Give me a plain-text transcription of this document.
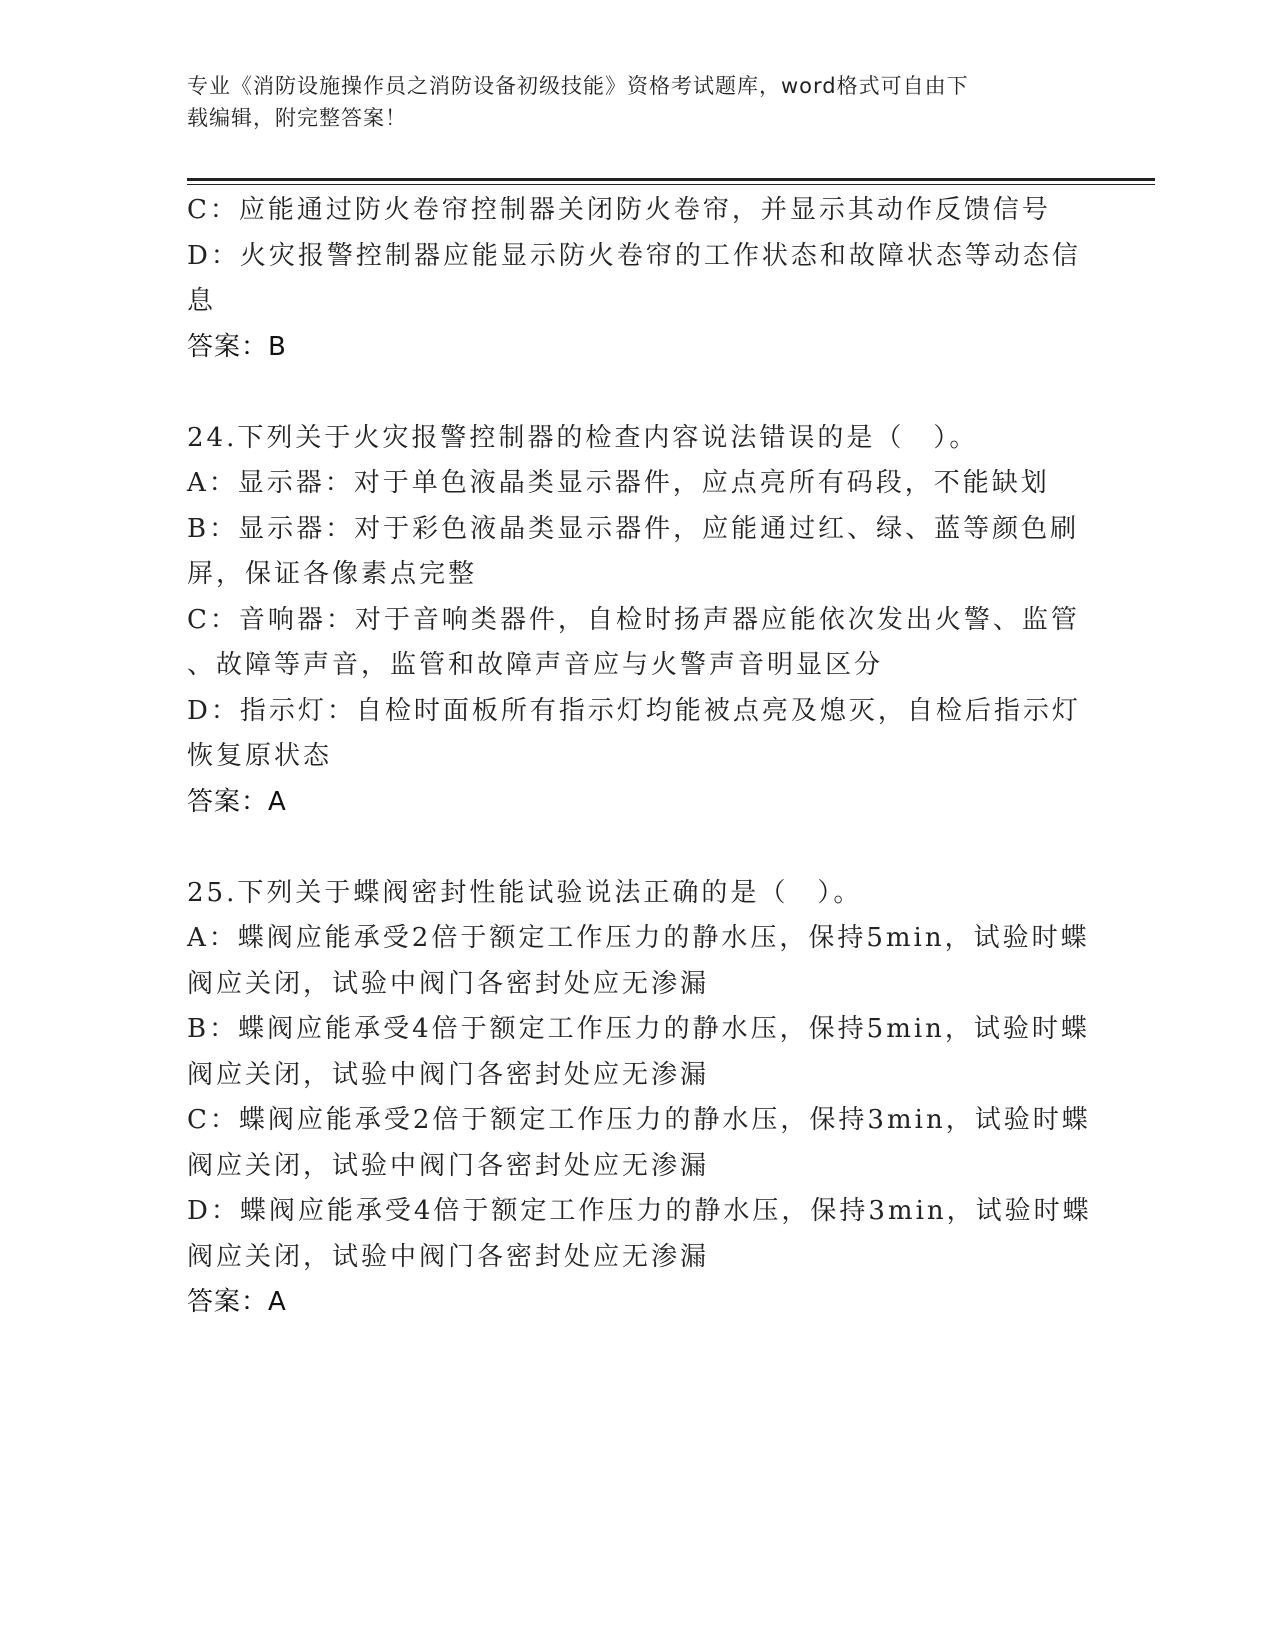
专业《消防设施操作员之消防设备初级技能》资格考试题库，word格式可自由下
载编辑，附完整答案！
C：应能通过防火卷帘控制器关闭防火卷帘，并显示其动作反馈信号
D：火灾报警控制器应能显示防火卷帘的工作状态和故障状态等动态信
息
答案：B
24.下列关于火灾报警控制器的检查内容说法错误的是（　）。
A：显示器：对于单色液晶类显示器件，应点亮所有码段，不能缺划
B：显示器：对于彩色液晶类显示器件，应能通过红、绿、蓝等颜色刷
屏，保证各像素点完整
C：音响器：对于音响类器件，自检时扬声器应能依次发出火警、监管
、故障等声音，监管和故障声音应与火警声音明显区分
D：指示灯：自检时面板所有指示灯均能被点亮及熄灭，自检后指示灯
恢复原状态
答案：A
25.下列关于蝶阀密封性能试验说法正确的是（　）。
A：蝶阀应能承受2倍于额定工作压力的静水压，保持5min，试验时蝶
阀应关闭，试验中阀门各密封处应无渗漏
B：蝶阀应能承受4倍于额定工作压力的静水压，保持5min，试验时蝶
阀应关闭，试验中阀门各密封处应无渗漏
C：蝶阀应能承受2倍于额定工作压力的静水压，保持3min，试验时蝶
阀应关闭，试验中阀门各密封处应无渗漏
D：蝶阀应能承受4倍于额定工作压力的静水压，保持3min，试验时蝶
阀应关闭，试验中阀门各密封处应无渗漏
答案：A
